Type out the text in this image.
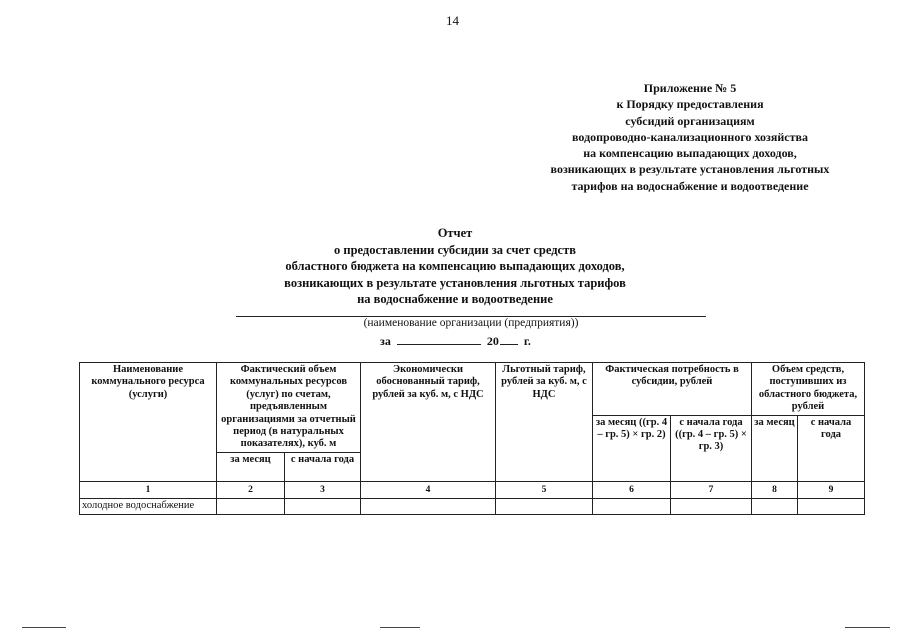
14
Приложение № 5
к Порядку предоставления
субсидий организациям
водопроводно-канализационного хозяйства
на компенсацию выпадающих доходов,
возникающих в результате установления льготных
тарифов на водоснабжение и водоотведение
Отчет
о предоставлении субсидии за счет средств
областного бюджета на компенсацию выпадающих доходов,
возникающих в результате установления льготных тарифов
на водоснабжение и водоотведение
(наименование организации (предприятия))
за	20 г.
Наименование коммунального ресурса (услуги)	Фактический объем коммунальных ресурсов (услуг) по счетам, предъявленным организациями за отчетный период (в натуральных показателях), куб. м		Экономически обоснованный тариф, рублей за куб. м, с НДС	Льготный тариф, рублей за куб. м, с НДС	Фактическая потребность в субсидии, рублей		Объем средств, поступивших из областного бюджета, рублей	
					за месяц ((гр. 4 – гр. 5) × гр. 2)	с начала года ((гр. 4 – гр. 5) × гр. 3)	за месяц	с начала года
	за месяц	с начала года						
1	2	3	4	5	6	7	8	9
холодное водоснабжение								
